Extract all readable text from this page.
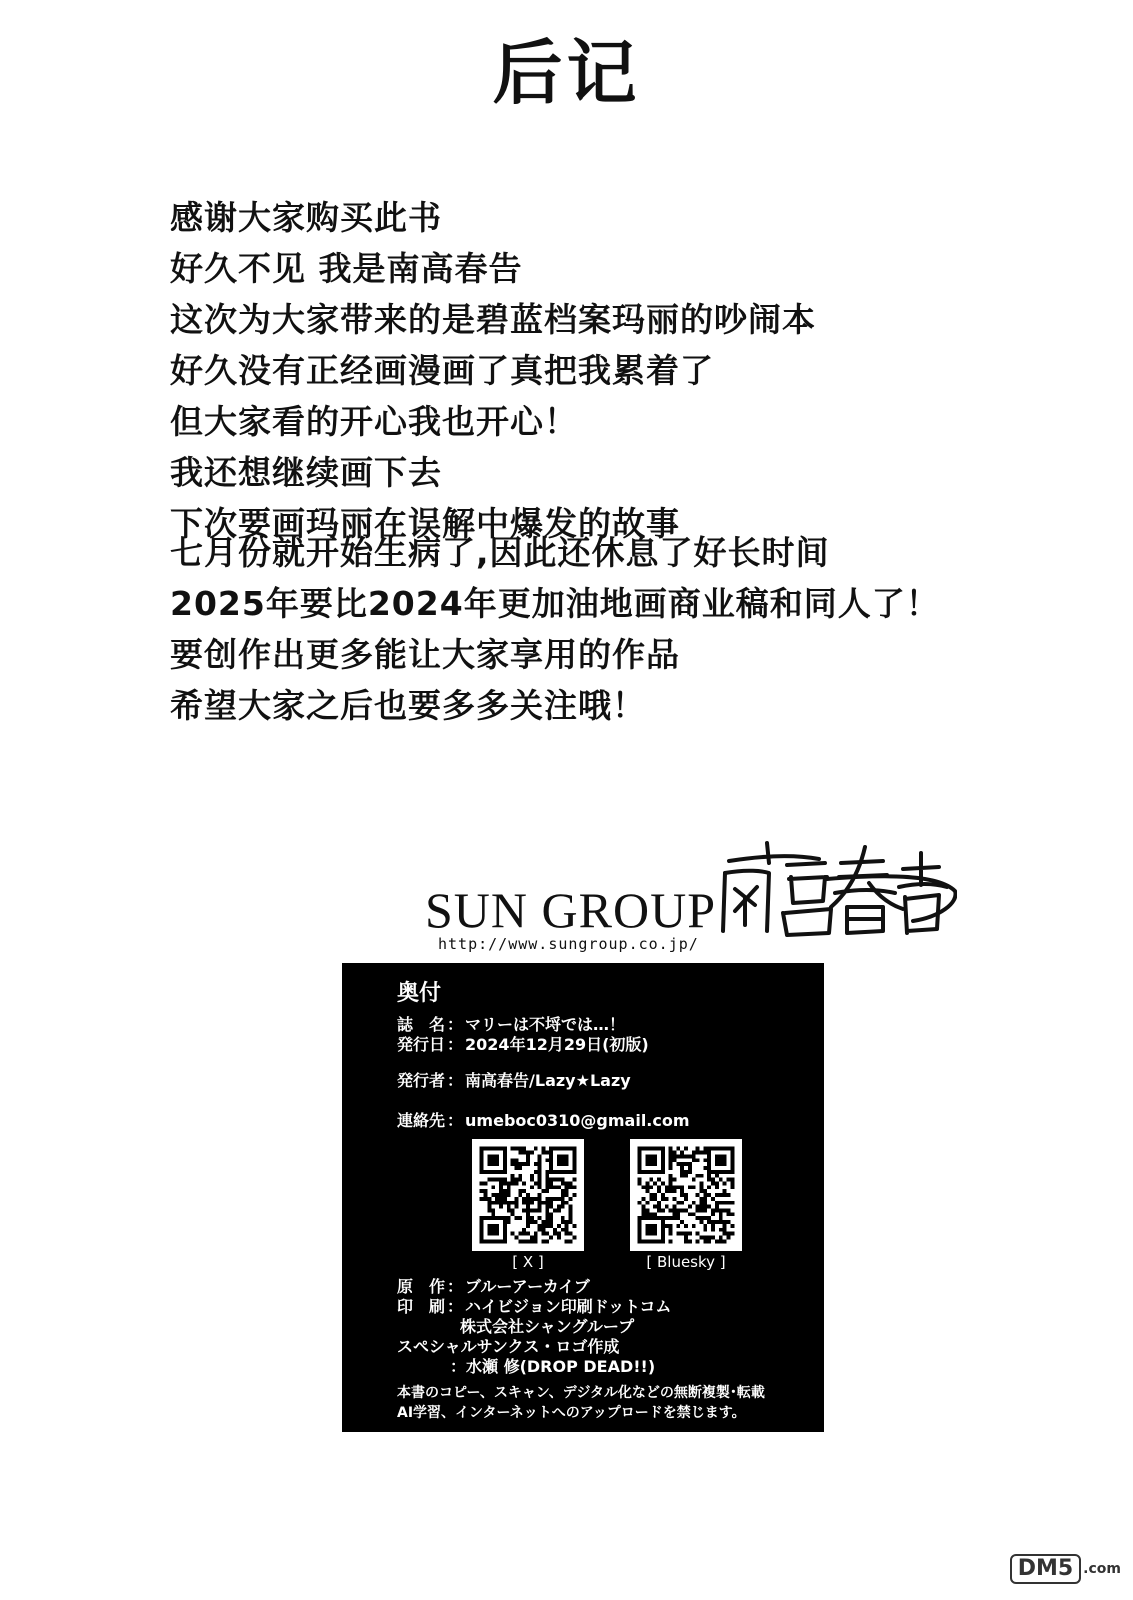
后记
感谢大家购买此书
好久不见 我是南高春告
这次为大家带来的是碧蓝档案玛丽的吵闹本
好久没有正经画漫画了真把我累着了
但大家看的开心我也开心！
我还想继续画下去
下次要画玛丽在误解中爆发的故事
七月份就开始生病了,因此还休息了好长时间
2025年要比2024年更加油地画商业稿和同人了！
要创作出更多能让大家享用的作品
希望大家之后也要多多关注哦！
SUN GROUP
http://www.sungroup.co.jp/
奥付
誌　名 ： マリーは不埒では…！
発行日 ： 2024年12月29日(初版)
発行者 ： 南高春告/Lazy★Lazy
連絡先 ： umeboc0310@gmail.com
[ X ]	[ Bluesky ]
原　作 ： ブルーアーカイブ
印　刷 ： ハイビジョン印刷ドットコム
株式会社シャングループ
スペシャルサンクス・ロゴ作成
：水瀬 修(DROP DEAD!!)
本書のコピー、スキャン、デジタル化などの無断複製･転載
AI学習、インターネットへのアップロードを禁じます。
DM5 .com
